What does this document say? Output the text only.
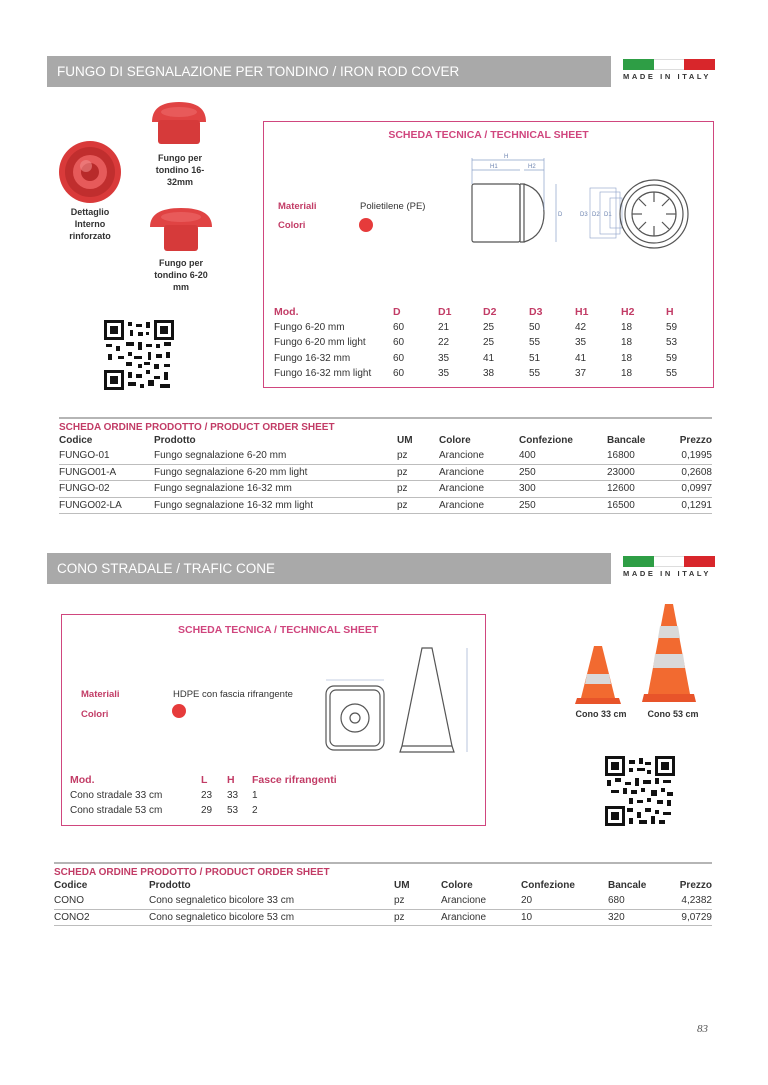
FUNGO DI SEGNALAZIONE PER TONDINO / IRON ROD COVER	MADE IN ITALY
Dettaglio Interno rinforzato
Fungo per tondino 16-32mm
Fungo per tondino 6-20 mm
SCHEDA TECNICA / TECHNICAL SHEET
Materiali	Polietilene (PE)
Colori
H
H1	H2
D	D3 D2 D1
Mod.	D	D1	D2	D3	H1	H2	H
Fungo 6-20 mm	60	21	25	50	42	18	59
Fungo 6-20 mm light	60	22	25	55	35	18	53
Fungo 16-32 mm	60	35	41	51	41	18	59
Fungo 16-32 mm light	60	35	38	55	37	18	55
SCHEDA ORDINE PRODOTTO / PRODUCT ORDER SHEET
Codice	Prodotto	UM	Colore	Confezione	Bancale	Prezzo
FUNGO-01	Fungo segnalazione 6-20 mm	pz	Arancione	400	16800	0,1995
FUNGO01-A	Fungo segnalazione 6-20 mm light	pz	Arancione	250	23000	0,2608
FUNGO-02	Fungo segnalazione 16-32 mm	pz	Arancione	300	12600	0,0997
FUNGO02-LA	Fungo segnalazione 16-32 mm light	pz	Arancione	250	16500	0,1291
CONO STRADALE / TRAFIC CONE	MADE IN ITALY
SCHEDA TECNICA / TECHNICAL SHEET
Materiali	HDPE con fascia rifrangente
Colori
Mod.	L	H	Fasce rifrangenti
Cono stradale 33 cm	23	33	1
Cono stradale 53 cm	29	53	2
Cono 33 cm	Cono 53 cm
SCHEDA ORDINE PRODOTTO / PRODUCT ORDER SHEET
Codice	Prodotto	UM	Colore	Confezione	Bancale	Prezzo
CONO	Cono segnaletico bicolore 33 cm	pz	Arancione	20	680	4,2382
CONO2	Cono segnaletico bicolore 53 cm	pz	Arancione	10	320	9,0729
83
